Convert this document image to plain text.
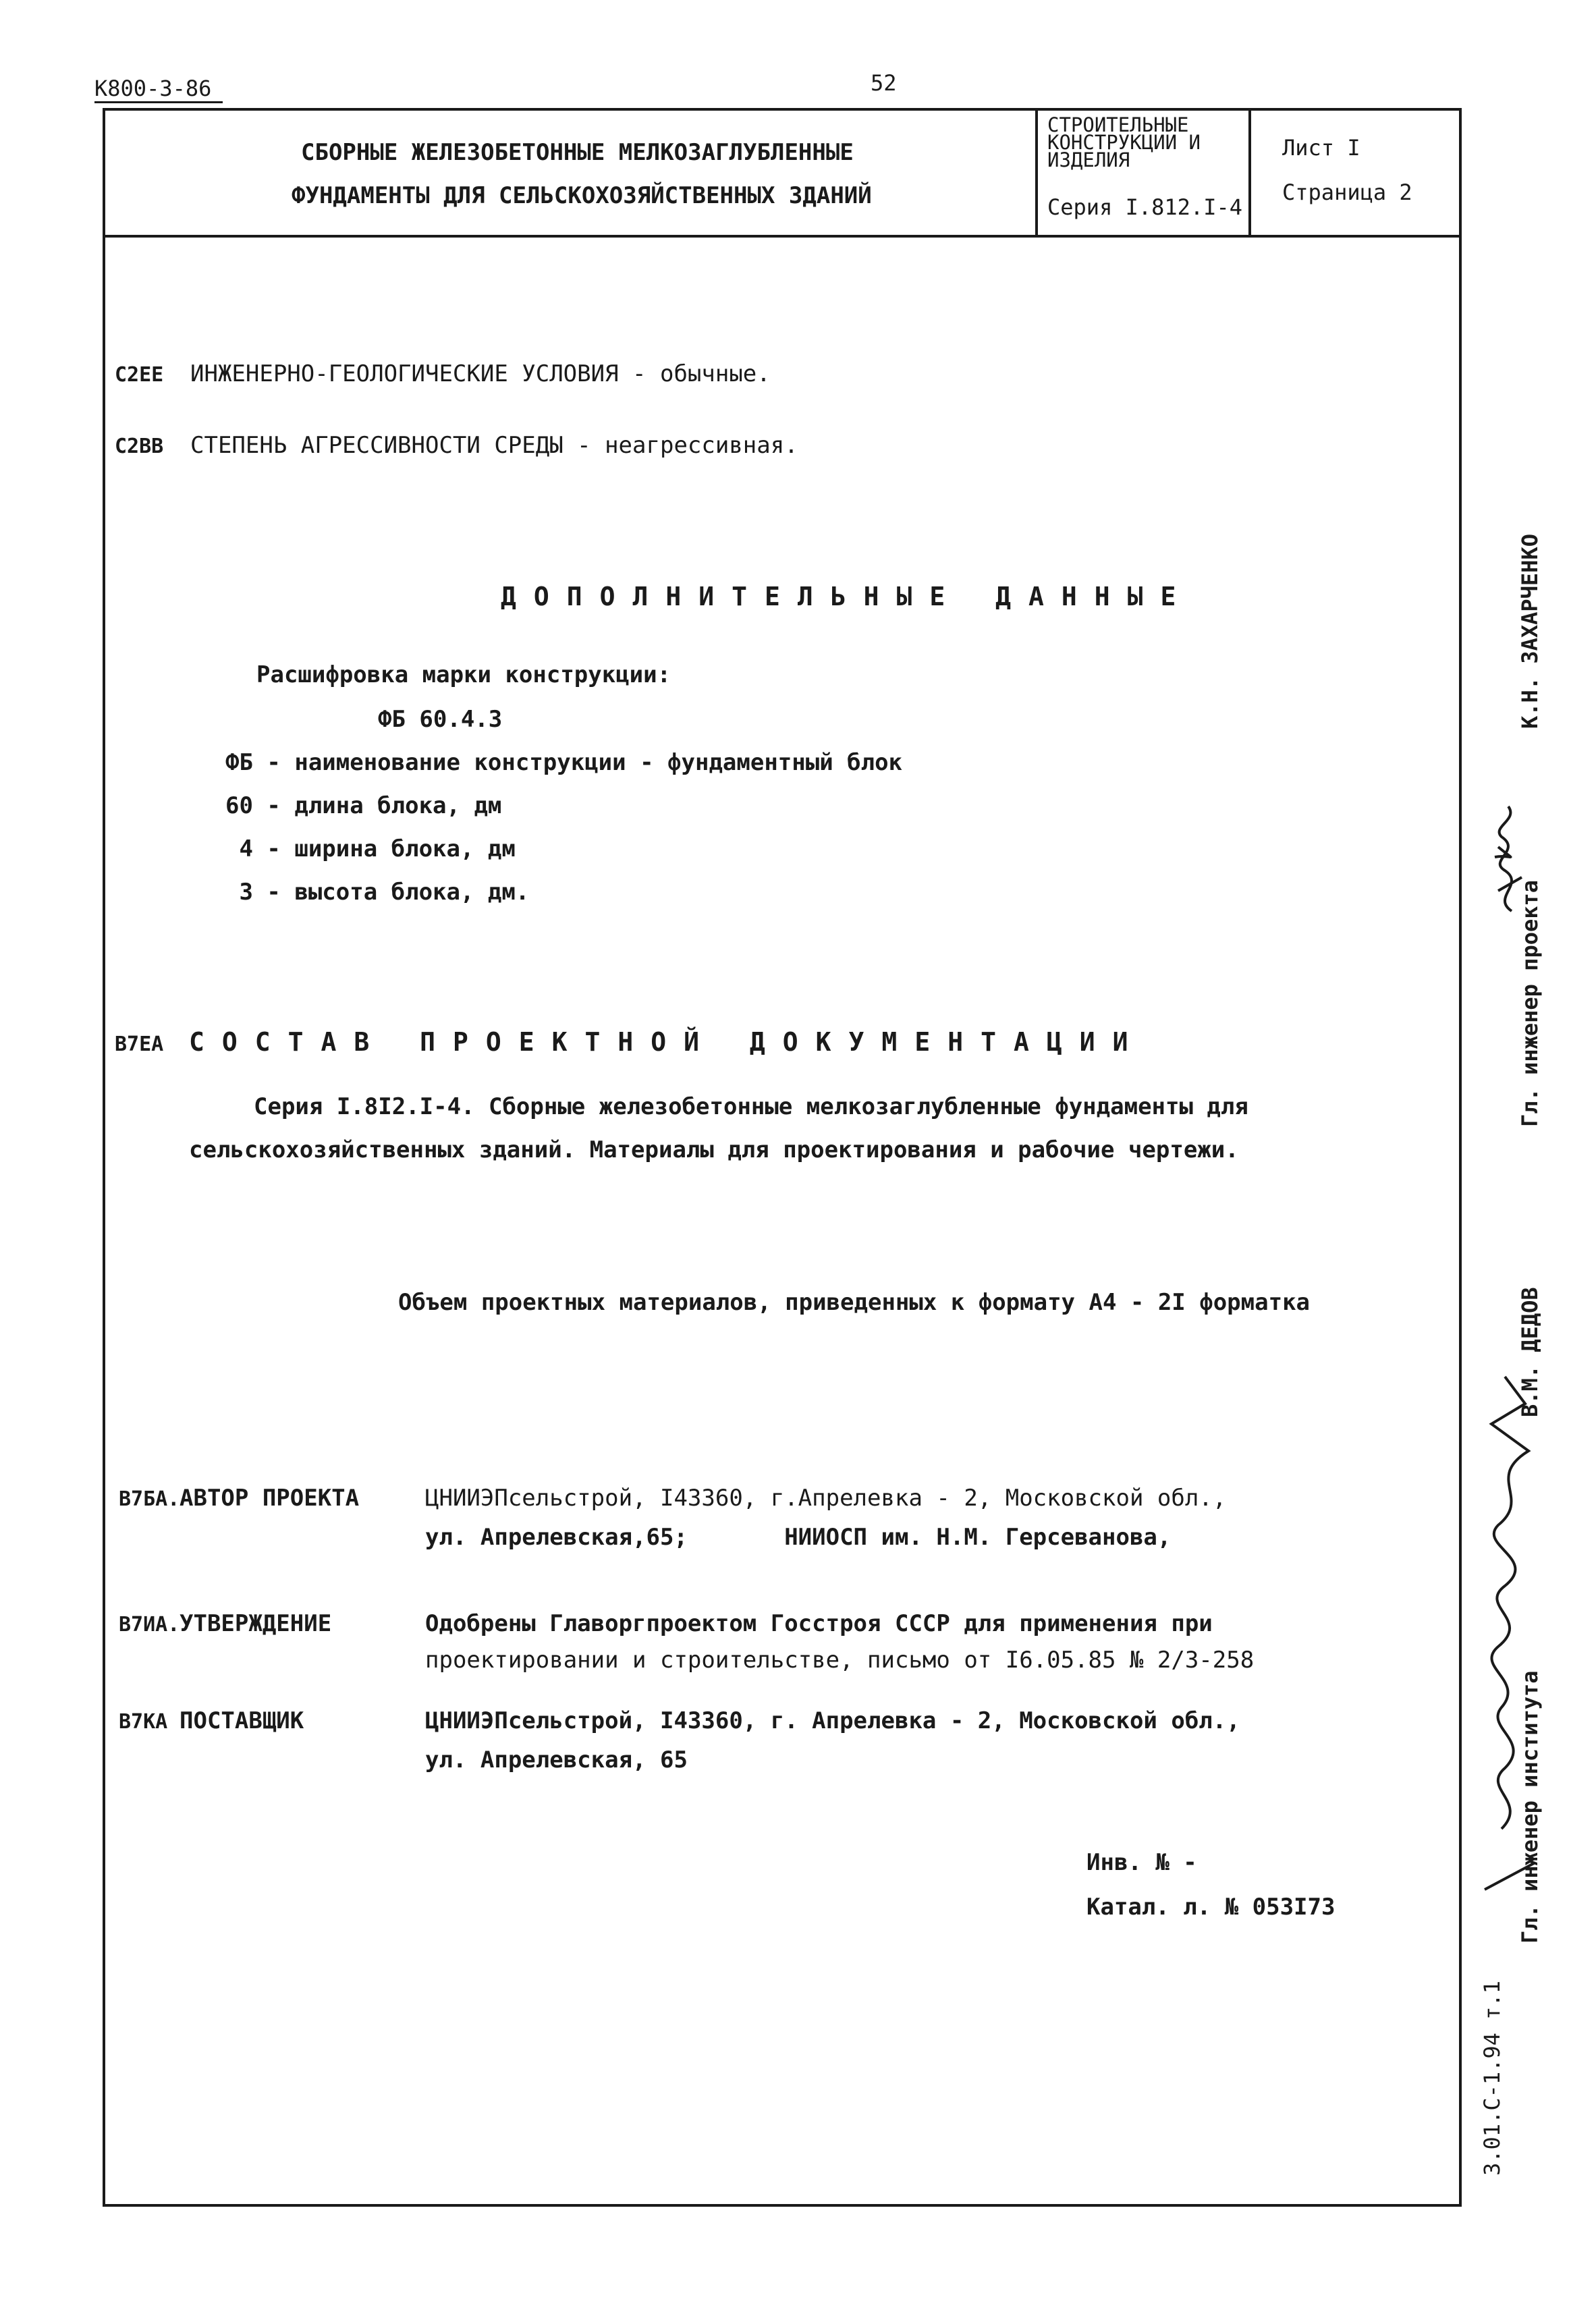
К800-3-86	52
СБОРНЫЕ ЖЕЛЕЗОБЕТОННЫЕ МЕЛКОЗАГЛУБЛЕННЫЕ
ФУНДАМЕНТЫ ДЛЯ СЕЛЬСКОХОЗЯЙСТВЕННЫХ ЗДАНИЙ
СТРОИТЕЛЬНЫЕ
КОНСТРУКЦИИ И
ИЗДЕЛИЯ
Серия I.812.I-4
Лист I
Страница 2
С2ЕЕ ИНЖЕНЕРНО-ГЕОЛОГИЧЕСКИЕ УСЛОВИЯ - обычные.
С2ВВ СТЕПЕНЬ АГРЕССИВНОСТИ СРЕДЫ - неагрессивная.
ДОПОЛНИТЕЛЬНЫЕ ДАННЫЕ
Расшифровка марки конструкции:
ФБ 60.4.3
ФБ - наименование конструкции - фундаментный блок
60 - длина блока, дм
4 - ширина блока, дм
3 - высота блока, дм.
В7ЕА СОСТАВ ПРОЕКТНОЙ ДОКУМЕНТАЦИИ
Серия I.8I2.I-4. Сборные железобетонные мелкозаглубленные фундаменты для
сельскохозяйственных зданий. Материалы для проектирования и рабочие чертежи.
Объем проектных материалов, приведенных к формату А4 - 2I форматка
В7БА.АВТОР ПРОЕКТА	ЦНИИЭПсельстрой, I43360, г.Апрелевка - 2, Московской обл.,
ул. Апрелевская,65;       НИИОСП им. Н.М. Герсеванова,
В7ИА.УТВЕРЖДЕНИЕ	Одобрены Главоргпроектом Госстроя СССР для применения при
проектировании и строительстве, письмо от I6.05.85 № 2/3-258
В7КА ПОСТАВЩИК	ЦНИИЭПсельстрой, I43360, г. Апрелевка - 2, Московской обл.,
ул. Апрелевская, 65
Инв. № -
Катал. л. № 053I73
Гл. инженер проекта
К.Н. ЗАХАРЧЕНКО
Гл. инженер института
В.М. ДЕДОВ
3.01.С-1.94 т.1
